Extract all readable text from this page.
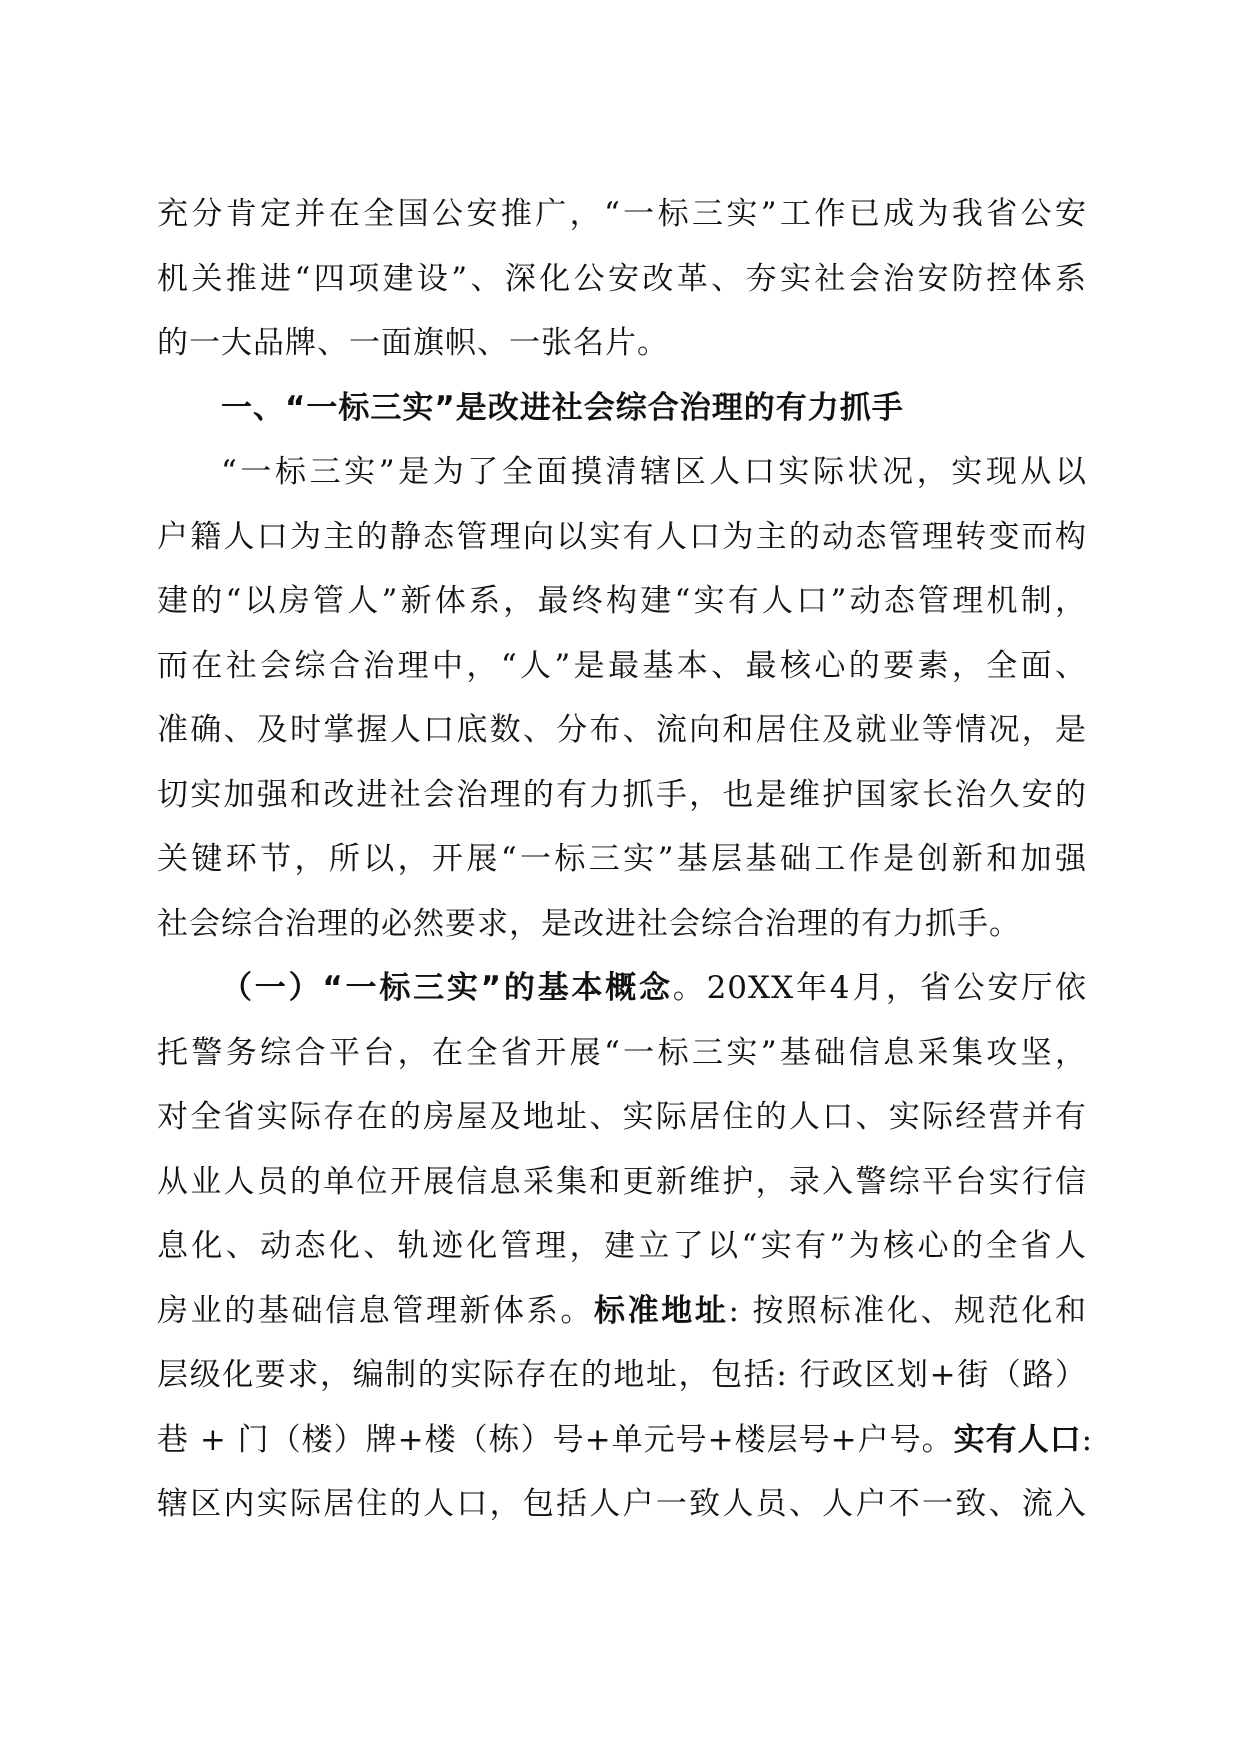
充分肯定并在全国公安推广，“一标三实”工作已成为我省公安
机关推进“四项建设”、深化公安改革、夯实社会治安防控体系
的一大品牌、一面旗帜、一张名片。
一、“一标三实”是改进社会综合治理的有力抓手
“一标三实”是为了全面摸清辖区人口实际状况，实现从以
户籍人口为主的静态管理向以实有人口为主的动态管理转变而构
建的“以房管人”新体系，最终构建“实有人口”动态管理机制，
而在社会综合治理中，“人”是最基本、最核心的要素，全面、
准确、及时掌握人口底数、分布、流向和居住及就业等情况，是
切实加强和改进社会治理的有力抓手，也是维护国家长治久安的
关键环节，所以，开展“一标三实”基层基础工作是创新和加强
社会综合治理的必然要求，是改进社会综合治理的有力抓手。
（一）“一标三实”的基本概念。20XX年4月，省公安厅依
托警务综合平台，在全省开展“一标三实”基础信息采集攻坚，
对全省实际存在的房屋及地址、实际居住的人口、实际经营并有
从业人员的单位开展信息采集和更新维护，录入警综平台实行信
息化、动态化、轨迹化管理，建立了以“实有”为核心的全省人
房业的基础信息管理新体系。标准地址: 按照标准化、规范化和
层级化要求，编制的实际存在的地址，包括: 行政区划+街（路）
巷 + 门（楼）牌+楼（栋）号+单元号+楼层号+户号。实有人口:
辖区内实际居住的人口，包括人户一致人员、人户不一致、流入
